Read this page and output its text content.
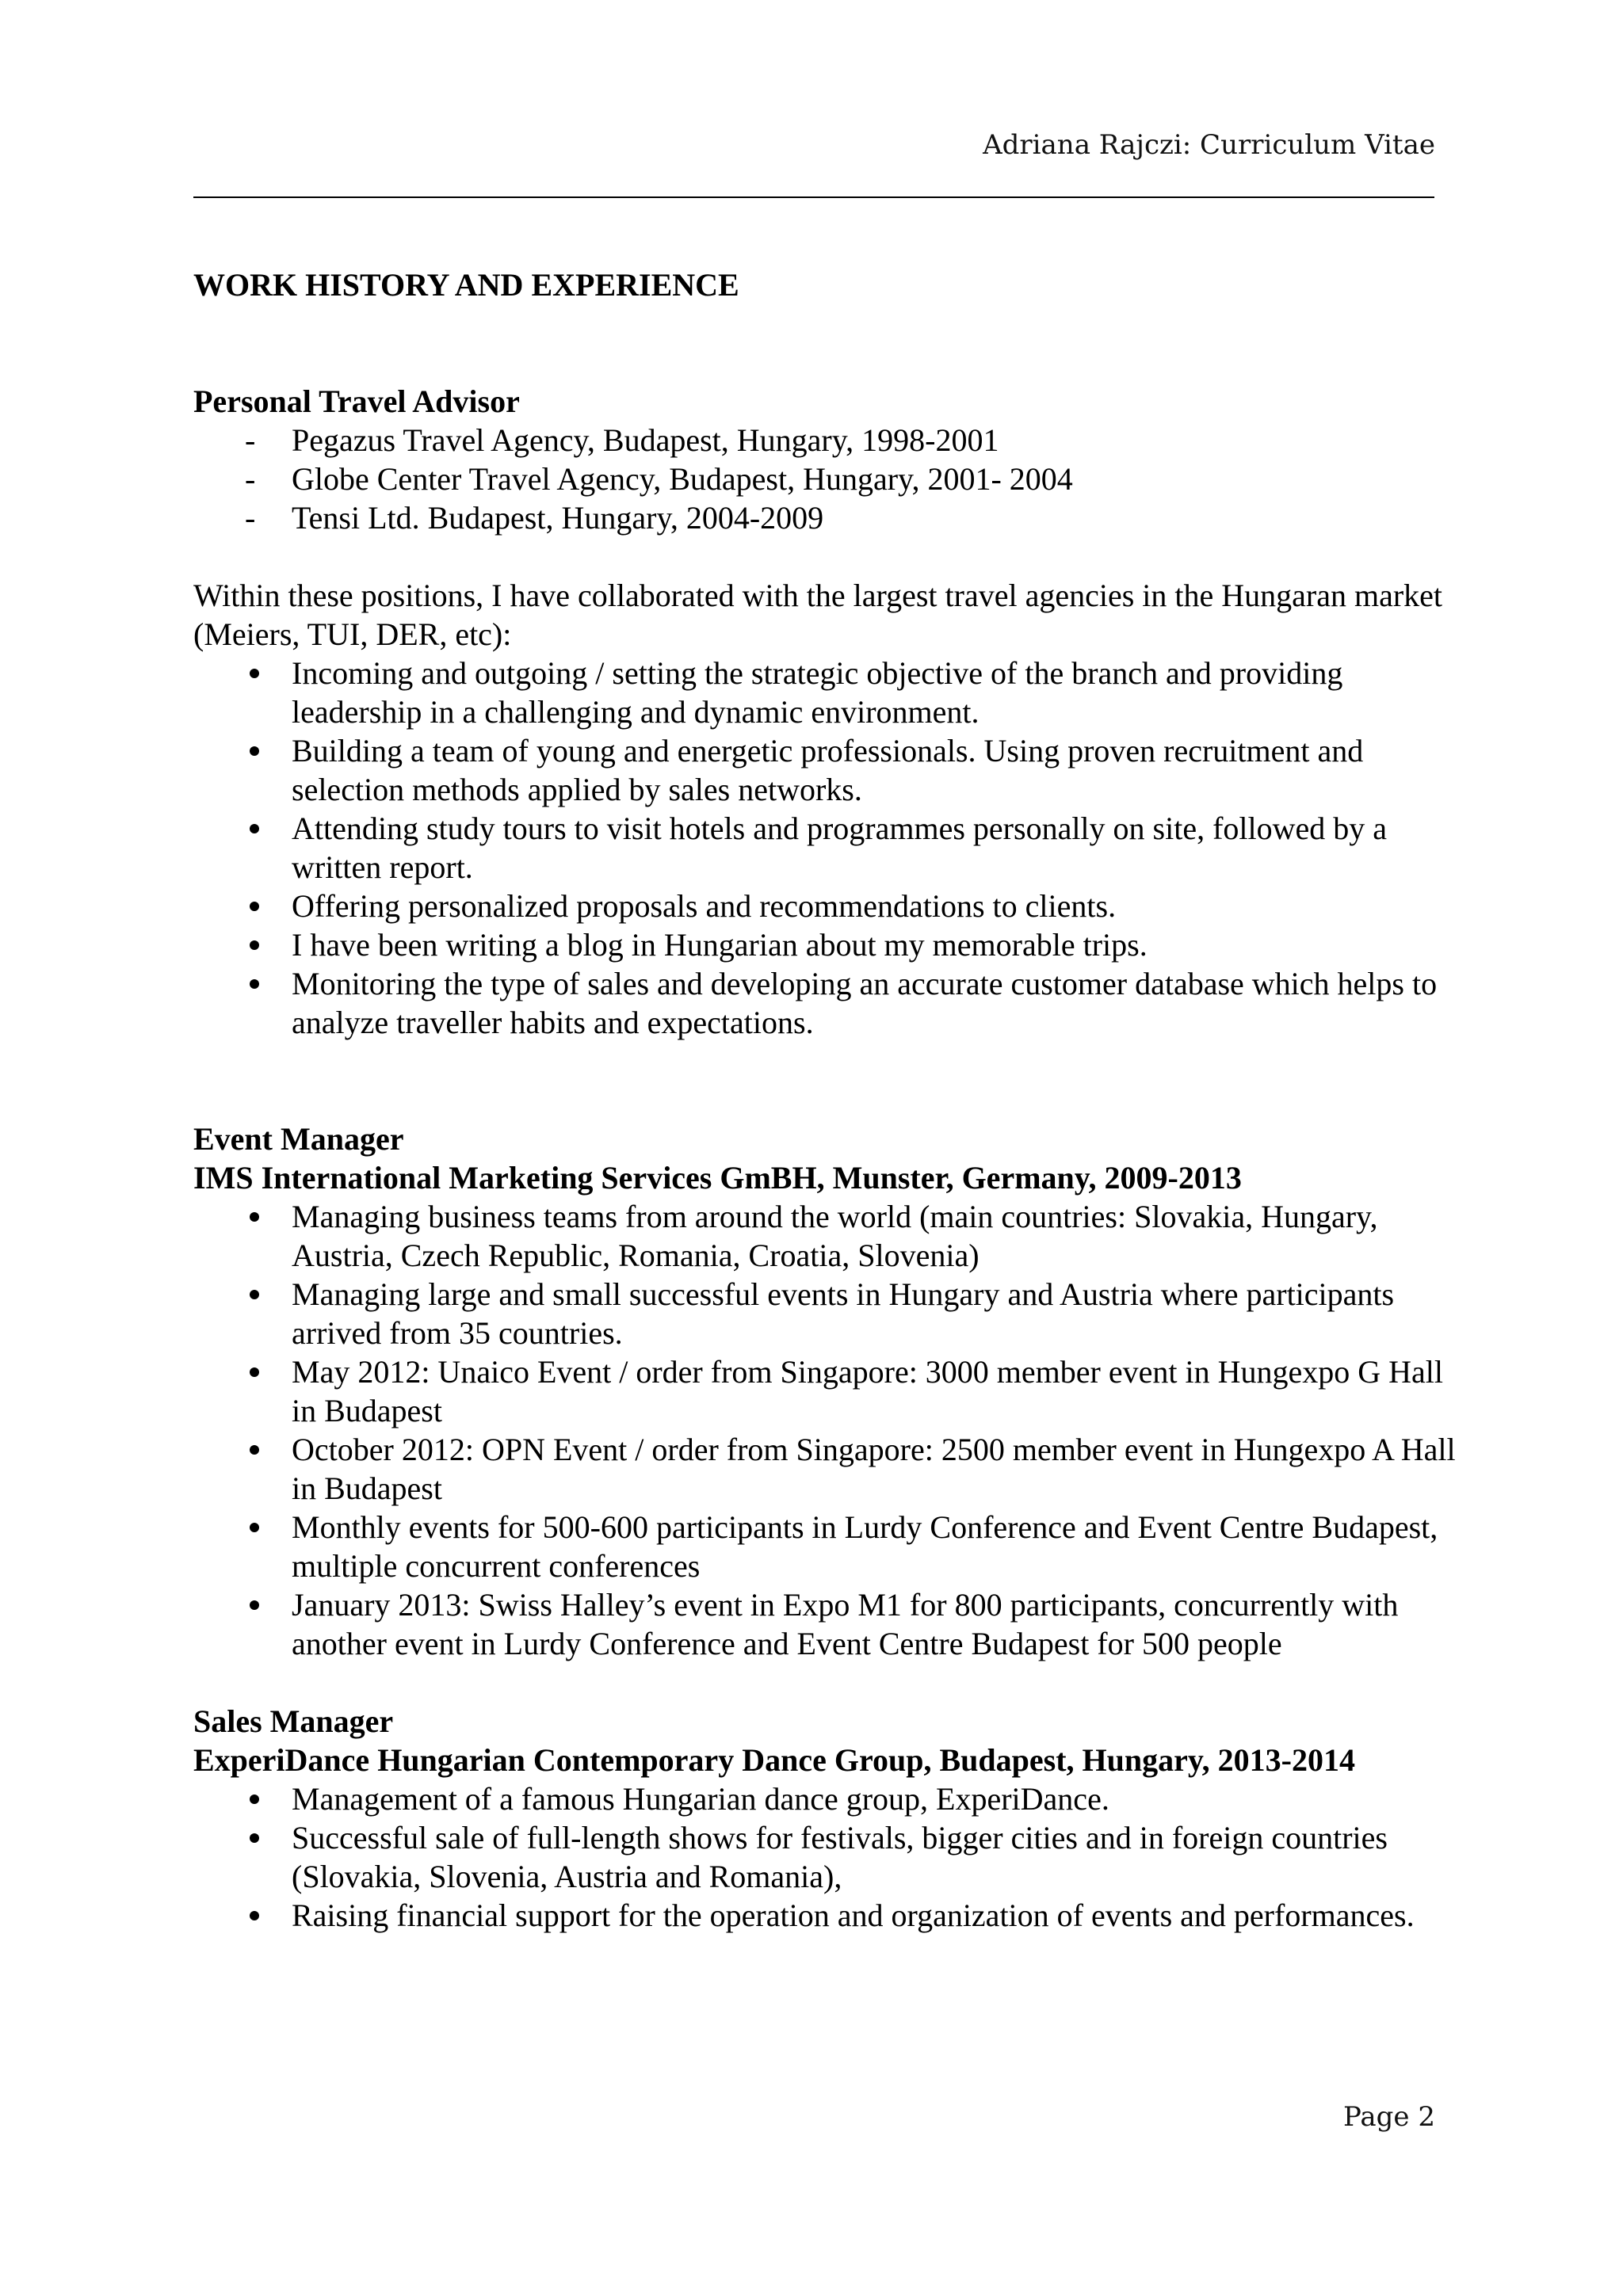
Adriana Rajczi: Curriculum Vitae

WORK HISTORY AND EXPERIENCE

Personal Travel Advisor

- Pegazus Travel Agency, Budapest, Hungary, 1998-2001
- Globe Center Travel Agency, Budapest, Hungary, 2001- 2004
- Tensi Ltd. Budapest, Hungary, 2004-2009

Within these positions, I have collaborated with the largest travel agencies in the Hungaran market (Meiers, TUI, DER, etc):

Incoming and outgoing / setting the strategic objective of the branch and providing leadership in a challenging and dynamic environment.
Building a team of young and energetic professionals. Using proven recruitment and selection methods applied by sales networks.
Attending study tours to visit hotels and programmes personally on site, followed by a written report.
Offering personalized proposals and recommendations to clients.
I have been writing a blog in Hungarian about my memorable trips.
Monitoring the type of sales and developing an accurate customer database which helps to analyze traveller habits and expectations.

Event Manager

IMS International Marketing Services GmBH, Munster, Germany, 2009-2013

Managing business teams from around the world (main countries: Slovakia, Hungary, Austria, Czech Republic, Romania, Croatia, Slovenia)
Managing large and small successful events in Hungary and Austria where participants arrived from 35 countries.
May 2012: Unaico Event / order from Singapore: 3000 member event in Hungexpo G Hall in Budapest
October 2012: OPN Event / order from Singapore: 2500 member event in Hungexpo A Hall in Budapest
Monthly events for 500-600 participants in Lurdy Conference and Event Centre Budapest, multiple concurrent conferences
January 2013: Swiss Halley’s event in Expo M1 for 800 participants, concurrently with another event in Lurdy Conference and Event Centre Budapest for 500 people

Sales Manager

ExperiDance Hungarian Contemporary Dance Group, Budapest, Hungary, 2013-2014

Management of a famous Hungarian dance group, ExperiDance.
Successful sale of full-length shows for festivals, bigger cities and in foreign countries (Slovakia, Slovenia, Austria and Romania),
Raising financial support for the operation and organization of events and performances.
Page 2
